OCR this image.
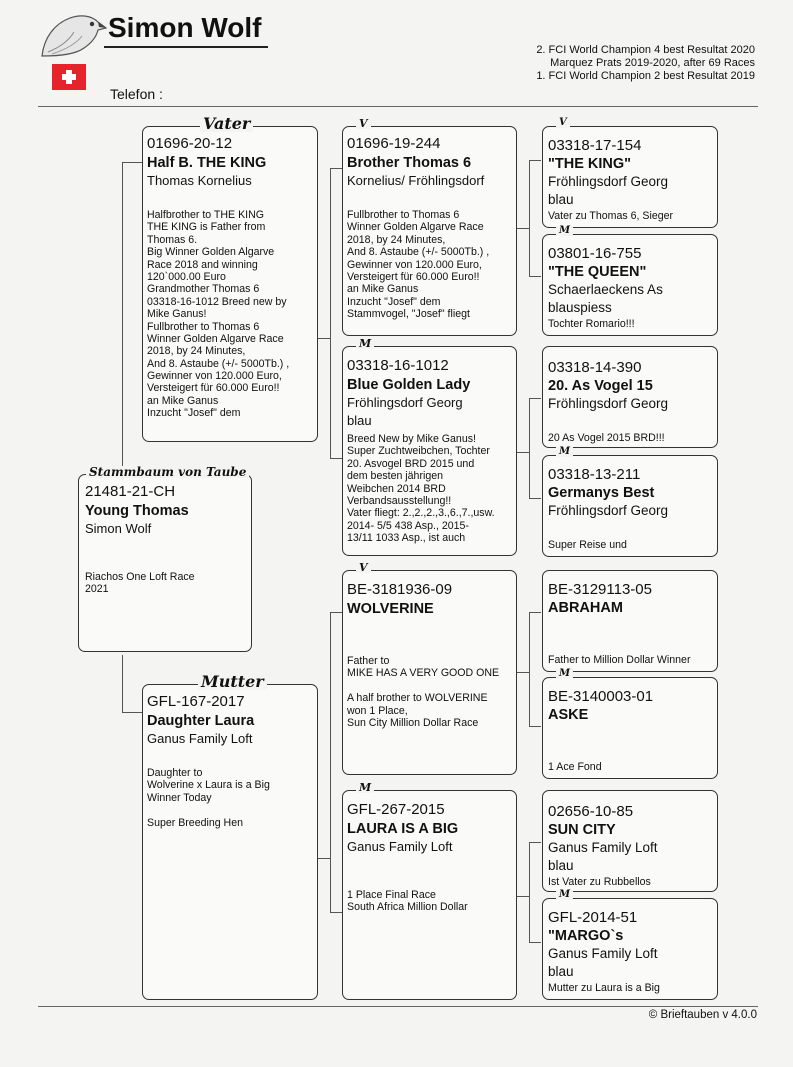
Simon Wolf
Telefon :
2. FCI World Champion 4 best Resultat 2020
Marquez Prats 2019-2020, after 69 Races
1. FCI World Champion 2 best Resultat 2019
21481-21-CH
Young Thomas
Simon Wolf
Riachos One Loft Race
2021
Stammbaum von Taube
01696-20-12
Half B. THE KING
Thomas Kornelius
Halfbrother to THE KING
THE KING is Father from
Thomas 6.
Big Winner Golden Algarve
Race 2018 and winning
120`000.00 Euro
Grandmother Thomas 6
03318-16-1012 Breed new by
Mike Ganus!
Fullbrother to Thomas 6
Winner Golden Algarve Race
2018, by 24 Minutes,
And 8. Astaube (+/- 5000Tb.) ,
Gewinner von 120.000 Euro,
Versteigert für 60.000 Euro!!
an Mike Ganus
Inzucht "Josef" dem
Vater
GFL-167-2017
Daughter Laura
Ganus Family Loft
Daughter to
Wolverine x Laura is a Big
Winner Today

Super Breeding Hen
Mutter
01696-19-244
Brother Thomas 6
Kornelius/ Fröhlingsdorf
Fullbrother to Thomas 6
Winner Golden Algarve Race
2018, by 24 Minutes,
And 8. Astaube (+/- 5000Tb.) ,
Gewinner von 120.000 Euro,
Versteigert für 60.000 Euro!!
an Mike Ganus
Inzucht "Josef" dem
Stammvogel, "Josef" fliegt
V
03318-16-1012
Blue Golden Lady
Fröhlingsdorf Georg
blau
Breed New by Mike Ganus!
Super Zuchtweibchen, Tochter
20. Asvogel BRD 2015 und
dem besten jährigen
Weibchen 2014 BRD
Verbandsausstellung!!
Vater fliegt: 2.,2.,2.,3.,6.,7.,usw.
2014- 5/5 438 Asp., 2015-
13/11 1033 Asp., ist auch
M
BE-3181936-09
WOLVERINE
Father to
MIKE HAS A VERY GOOD ONE

A half brother to WOLVERINE
won 1 Place,
Sun City Million Dollar Race
V
GFL-267-2015
LAURA IS A BIG
Ganus Family Loft
1 Place Final Race
South Africa Million Dollar
M
03318-17-154
"THE KING"
Fröhlingsdorf Georg
blau
Vater zu Thomas 6, Sieger
V
03801-16-755
"THE QUEEN"
Schaerlaeckens As
blauspiess
Tochter Romario!!!
M
03318-14-390
20. As Vogel 15
Fröhlingsdorf Georg
20 As Vogel 2015 BRD!!!
03318-13-211
Germanys Best
Fröhlingsdorf Georg
Super Reise und
M
BE-3129113-05
ABRAHAM
Father to Million Dollar Winner
BE-3140003-01
ASKE
1 Ace Fond
M
02656-10-85
SUN CITY
Ganus Family Loft
blau
Ist Vater zu Rubbellos
GFL-2014-51
"MARGO`s
Ganus Family Loft
blau
Mutter zu Laura is a Big
M
© Brieftauben v 4.0.0
